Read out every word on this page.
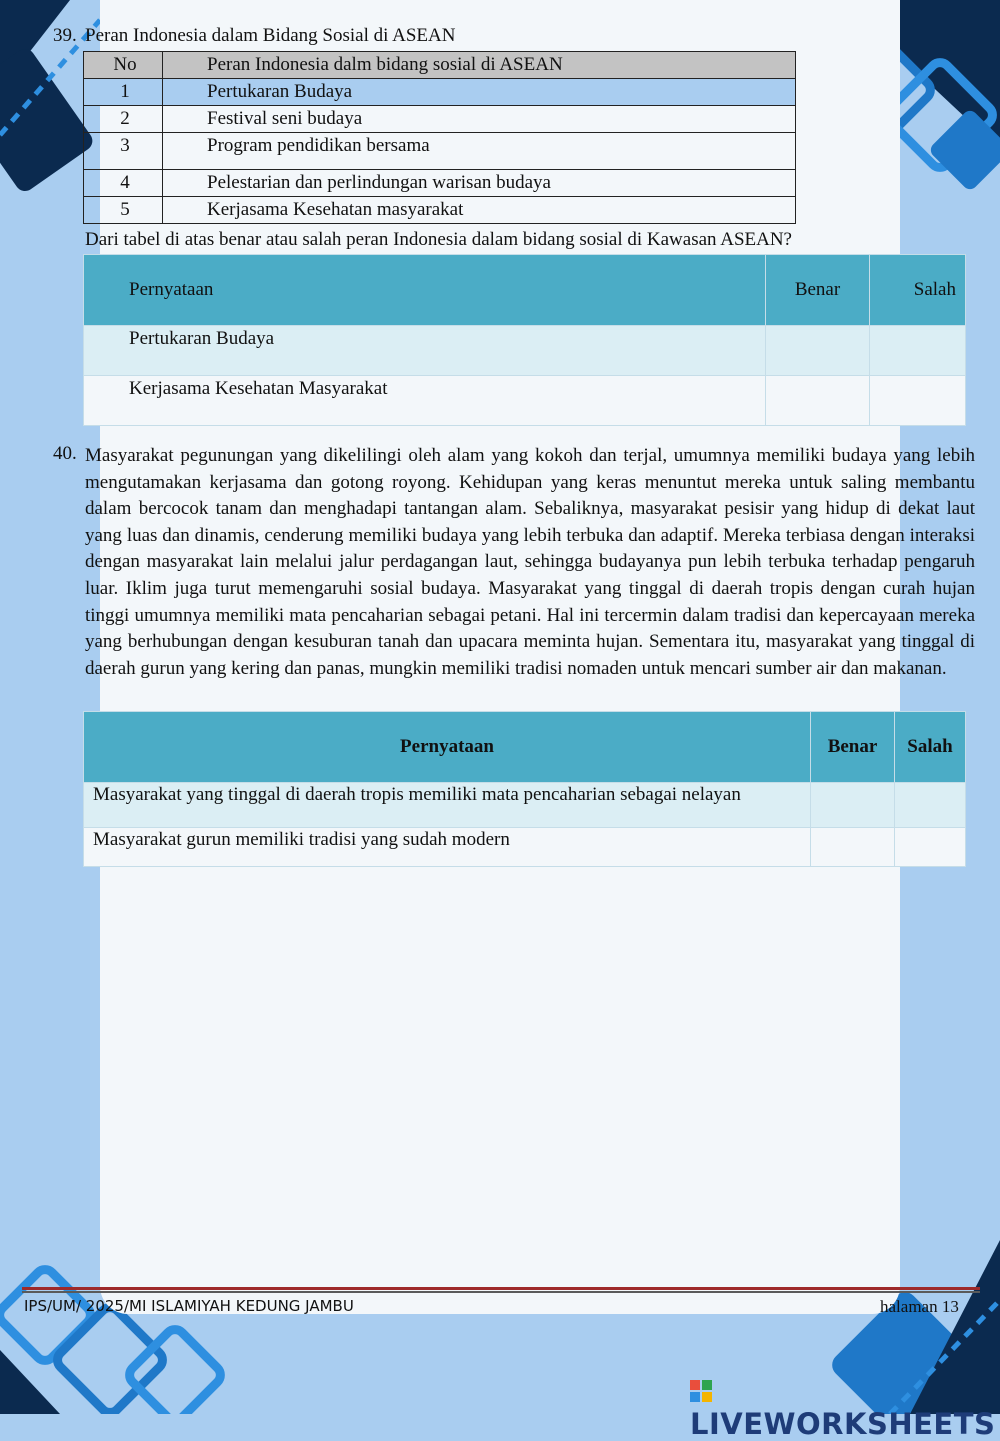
39. Peran Indonesia dalam Bidang Sosial di ASEAN
No	Peran Indonesia dalm bidang sosial di ASEAN
1	Pertukaran Budaya
2	Festival seni budaya
3	Program pendidikan bersama
4	Pelestarian dan perlindungan warisan budaya
5	Kerjasama Kesehatan masyarakat
Dari tabel di atas benar atau salah peran Indonesia dalam bidang sosial di Kawasan ASEAN?
Pernyataan	Benar	Salah
Pertukaran Budaya		
Kerjasama Kesehatan Masyarakat		
40. Masyarakat pegunungan yang dikelilingi oleh alam yang kokoh dan terjal, umumnya memiliki budaya yang lebih mengutamakan kerjasama dan gotong royong. Kehidupan yang keras menuntut mereka untuk saling membantu dalam bercocok tanam dan menghadapi tantangan alam. Sebaliknya, masyarakat pesisir yang hidup di dekat laut yang luas dan dinamis, cenderung memiliki budaya yang lebih terbuka dan adaptif. Mereka terbiasa dengan interaksi dengan masyarakat lain melalui jalur perdagangan laut, sehingga budayanya pun lebih terbuka terhadap pengaruh luar. Iklim juga turut memengaruhi sosial budaya. Masyarakat yang tinggal di daerah tropis dengan curah hujan tinggi umumnya memiliki mata pencaharian sebagai petani. Hal ini tercermin dalam tradisi dan kepercayaan mereka yang berhubungan dengan kesuburan tanah dan upacara meminta hujan. Sementara itu, masyarakat yang tinggal di daerah gurun yang kering dan panas, mungkin memiliki tradisi nomaden untuk mencari sumber air dan makanan.
Pernyataan	Benar	Salah
Masyarakat yang tinggal di daerah tropis memiliki mata pencaharian sebagai nelayan		
Masyarakat gurun memiliki tradisi yang sudah modern		
IPS/UM/ 2025/MI ISLAMIYAH KEDUNG JAMBU	halaman 13
LIVEWORKSHEETS
